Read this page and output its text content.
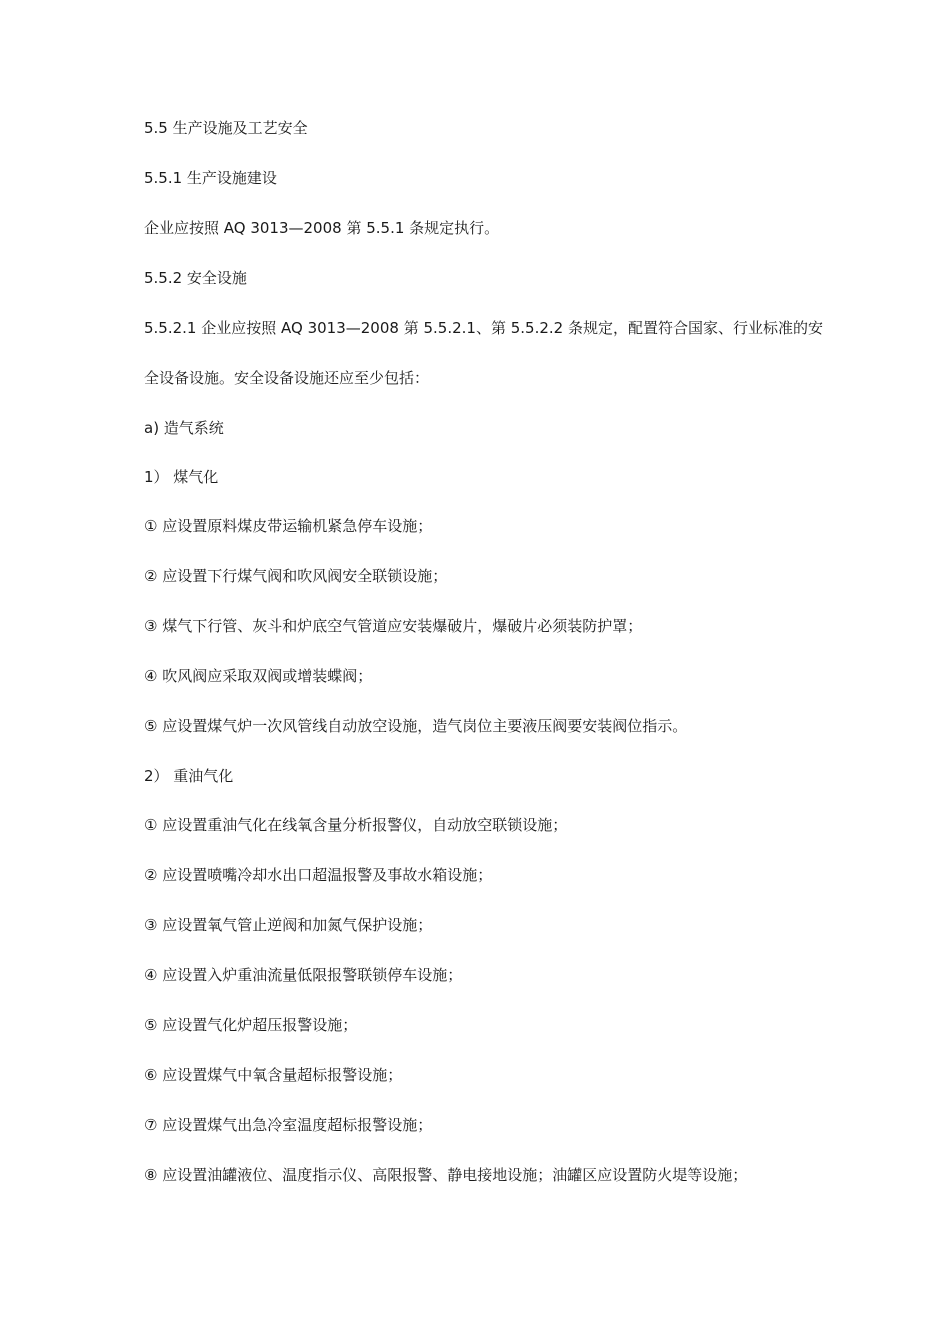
5.5 生产设施及工艺安全
5.5.1 生产设施建设
企业应按照 AQ 3013—2008 第 5.5.1 条规定执行。
5.5.2 安全设施
5.5.2.1 企业应按照 AQ 3013—2008 第 5.5.2.1、第 5.5.2.2 条规定，配置符合国家、行业标准的安
全设备设施。安全设备设施还应至少包括：
a) 造气系统
1） 煤气化
① 应设置原料煤皮带运输机紧急停车设施；
② 应设置下行煤气阀和吹风阀安全联锁设施；
③ 煤气下行管、灰斗和炉底空气管道应安装爆破片，爆破片必须装防护罩；
④ 吹风阀应采取双阀或增装蝶阀；
⑤ 应设置煤气炉一次风管线自动放空设施，造气岗位主要液压阀要安装阀位指示。
2） 重油气化
① 应设置重油气化在线氧含量分析报警仪，自动放空联锁设施；
② 应设置喷嘴冷却水出口超温报警及事故水箱设施；
③ 应设置氧气管止逆阀和加氮气保护设施；
④ 应设置入炉重油流量低限报警联锁停车设施；
⑤ 应设置气化炉超压报警设施；
⑥ 应设置煤气中氧含量超标报警设施；
⑦ 应设置煤气出急冷室温度超标报警设施；
⑧ 应设置油罐液位、温度指示仪、高限报警、静电接地设施；油罐区应设置防火堤等设施；
